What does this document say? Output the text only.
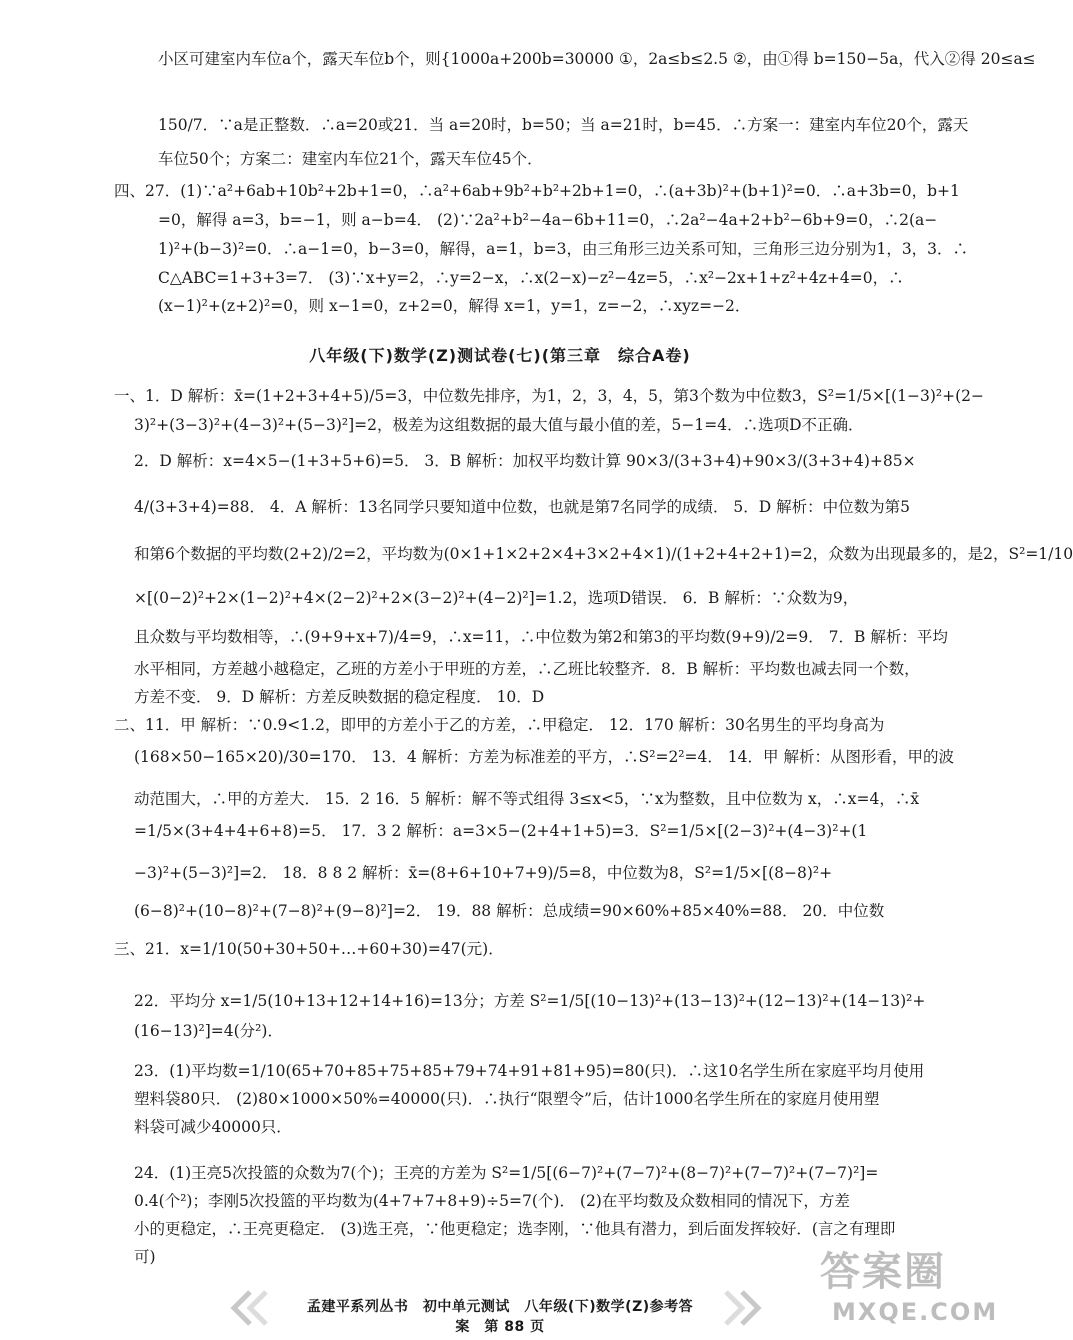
小区可建室内车位a个，露天车位b个，则{1000a+200b=30000 ①，2a≤b≤2.5 ②，由①得 b=150−5a，代入②得 20≤a≤
150/7．∵a是正整数．∴a=20或21．当 a=20时，b=50；当 a=21时，b=45．∴方案一：建室内车位20个，露天
车位50个；方案二：建室内车位21个，露天车位45个．
四、27．(1)∵a²+6ab+10b²+2b+1=0，∴a²+6ab+9b²+b²+2b+1=0，∴(a+3b)²+(b+1)²=0．∴a+3b=0，b+1
=0，解得 a=3，b=−1，则 a−b=4． (2)∵2a²+b²−4a−6b+11=0，∴2a²−4a+2+b²−6b+9=0，∴2(a−
1)²+(b−3)²=0．∴a−1=0，b−3=0，解得，a=1，b=3，由三角形三边关系可知，三角形三边分别为1，3，3．∴
C△ABC=1+3+3=7． (3)∵x+y=2，∴y=2−x，∴x(2−x)−z²−4z=5，∴x²−2x+1+z²+4z+4=0，∴
(x−1)²+(z+2)²=0，则 x−1=0，z+2=0，解得 x=1，y=1，z=−2，∴xyz=−2．
八年级(下)数学(Z)测试卷(七)(第三章　综合A卷)
一、1．D 解析：x̄=(1+2+3+4+5)/5=3，中位数先排序，为1，2，3，4，5，第3个数为中位数3，S²=1/5×[(1−3)²+(2−
3)²+(3−3)²+(4−3)²+(5−3)²]=2，极差为这组数据的最大值与最小值的差，5−1=4．∴选项D不正确．
2．D 解析：x=4×5−(1+3+5+6)=5． 3．B 解析：加权平均数计算 90×3/(3+3+4)+90×3/(3+3+4)+85×
4/(3+3+4)=88． 4．A 解析：13名同学只要知道中位数，也就是第7名同学的成绩． 5．D 解析：中位数为第5
和第6个数据的平均数(2+2)/2=2，平均数为(0×1+1×2+2×4+3×2+4×1)/(1+2+4+2+1)=2，众数为出现最多的，是2，S²=1/10
×[(0−2)²+2×(1−2)²+4×(2−2)²+2×(3−2)²+(4−2)²]=1.2，选项D错误． 6．B 解析：∵众数为9，
且众数与平均数相等，∴(9+9+x+7)/4=9，∴x=11，∴中位数为第2和第3的平均数(9+9)/2=9． 7．B 解析：平均
水平相同，方差越小越稳定，乙班的方差小于甲班的方差，∴乙班比较整齐．8．B 解析：平均数也减去同一个数，
方差不变． 9．D 解析：方差反映数据的稳定程度． 10．D
二、11．甲 解析：∵0.9<1.2，即甲的方差小于乙的方差，∴甲稳定． 12．170 解析：30名男生的平均身高为
(168×50−165×20)/30=170． 13．4 解析：方差为标准差的平方，∴S²=2²=4． 14．甲 解析：从图形看，甲的波
动范围大，∴甲的方差大． 15．2 16．5 解析：解不等式组得 3≤x<5，∵x为整数，且中位数为 x，∴x=4，∴x̄
=1/5×(3+4+4+6+8)=5． 17．3 2 解析：a=3×5−(2+4+1+5)=3．S²=1/5×[(2−3)²+(4−3)²+(1
−3)²+(5−3)²]=2． 18．8 8 2 解析：x̄=(8+6+10+7+9)/5=8，中位数为8，S²=1/5×[(8−8)²+
(6−8)²+(10−8)²+(7−8)²+(9−8)²]=2． 19．88 解析：总成绩=90×60%+85×40%=88． 20．中位数
三、21．x=1/10(50+30+50+…+60+30)=47(元)．
22．平均分 x=1/5(10+13+12+14+16)=13分；方差 S²=1/5[(10−13)²+(13−13)²+(12−13)²+(14−13)²+
(16−13)²]=4(分²)．
23．(1)平均数=1/10(65+70+85+75+85+79+74+91+81+95)=80(只)．∴这10名学生所在家庭平均月使用
塑料袋80只． (2)80×1000×50%=40000(只)．∴执行“限塑令”后，估计1000名学生所在的家庭月使用塑
料袋可减少40000只．
24．(1)王亮5次投篮的众数为7(个)；王亮的方差为 S²=1/5[(6−7)²+(7−7)²+(8−7)²+(7−7)²+(7−7)²]=
0.4(个²)；李刚5次投篮的平均数为(4+7+7+8+9)÷5=7(个)． (2)在平均数及众数相同的情况下，方差
小的更稳定，∴王亮更稳定． (3)选王亮，∵他更稳定；选李刚，∵他具有潜力，到后面发挥较好．(言之有理即
可)
孟建平系列丛书　初中单元测试　八年级(下)数学(Z)参考答案　第 88 页
答案圈
MXQE.COM
